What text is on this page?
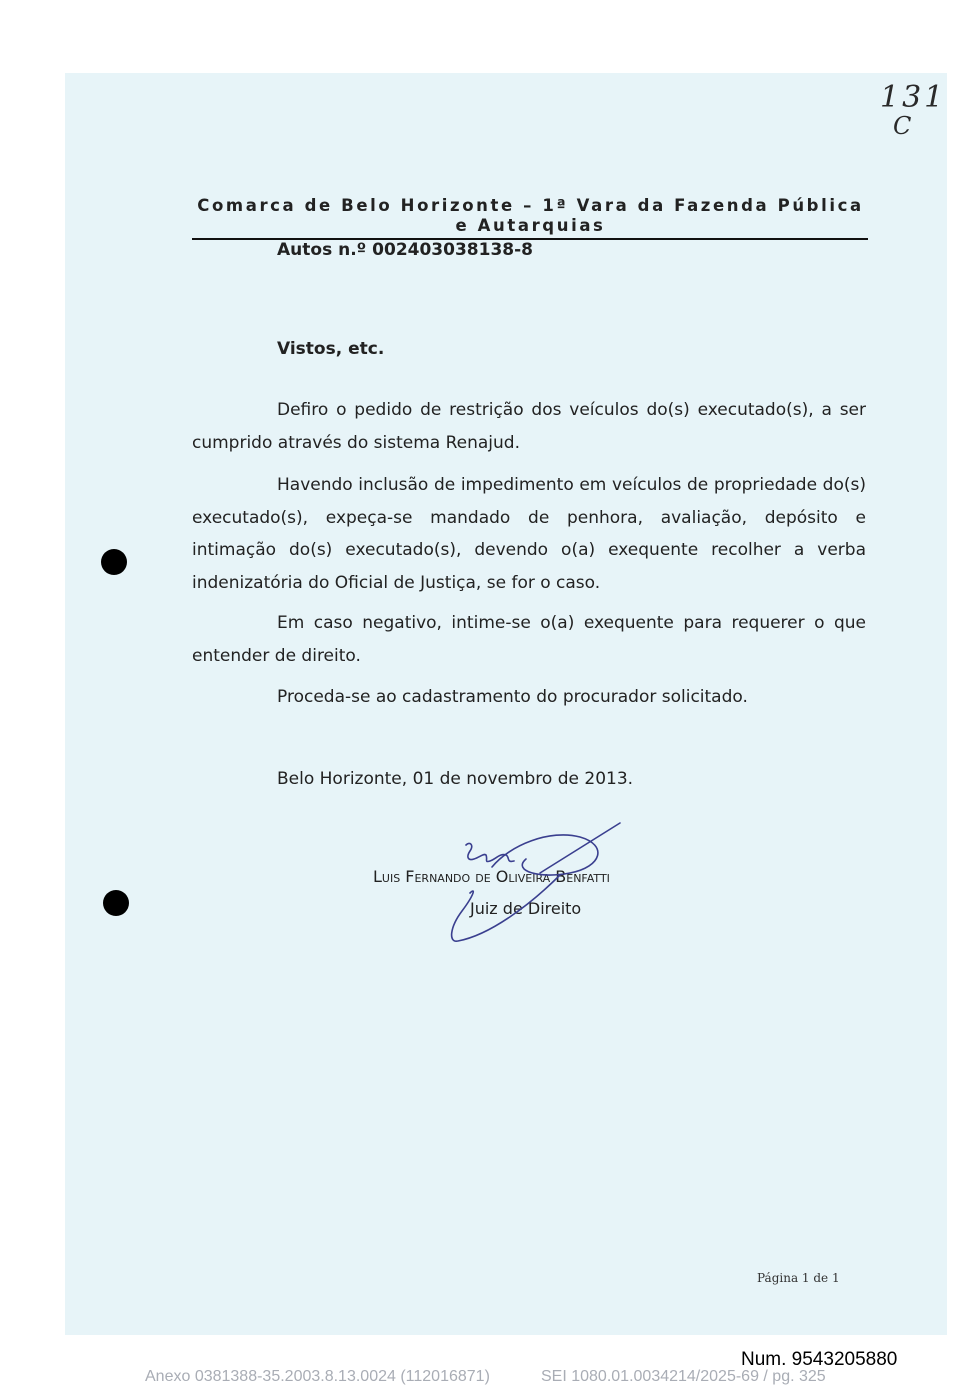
131
C
Comarca de Belo Horizonte – 1ª Vara da Fazenda Pública e Autarquias
Autos n.º 002403038138-8
Vistos, etc.
Defiro o pedido de restrição dos veículos do(s) executado(s), a ser cumprido através do sistema Renajud.
Havendo inclusão de impedimento em veículos de propriedade do(s) executado(s), expeça-se mandado de penhora, avaliação, depósito e intimação do(s) executado(s), devendo o(a) exequente recolher a verba indenizatória do Oficial de Justiça, se for o caso.
Em caso negativo, intime-se o(a) exequente para requerer o que entender de direito.
Proceda-se ao cadastramento do procurador solicitado.
Belo Horizonte, 01 de novembro de 2013.
Luis Fernando de Oliveira Benfatti
Juiz de Direito
Página 1 de 1
Num. 9543205880
Anexo 0381388-35.2003.8.13.0024 (112016871)	SEI 1080.01.0034214/2025-69 / pg. 325
